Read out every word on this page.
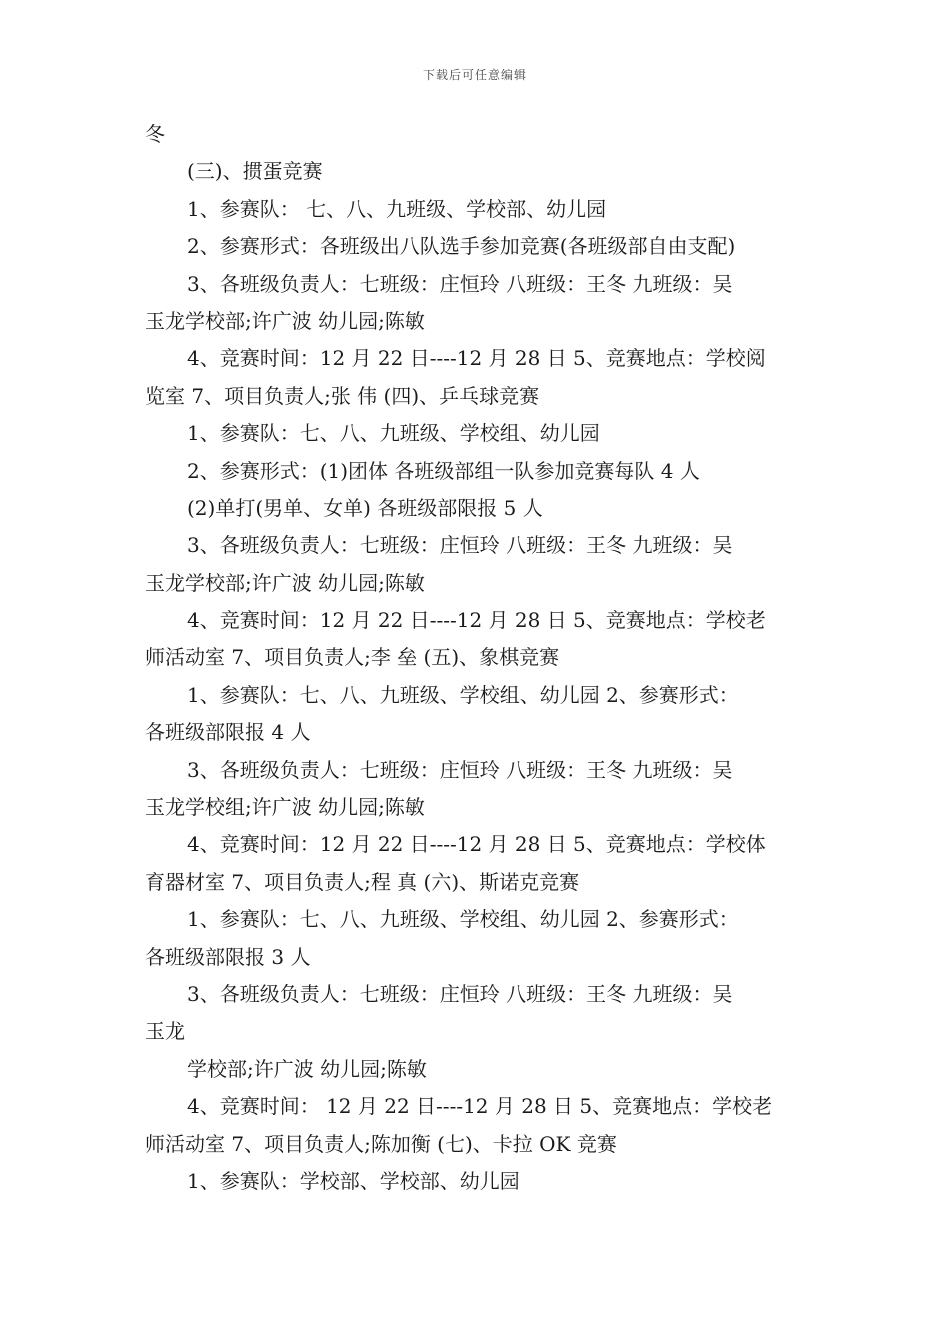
下载后可任意编辑
冬
(三)、掼蛋竞赛
1、参赛队： 七、八、九班级、学校部、幼儿园
2、参赛形式：各班级出八队选手参加竞赛(各班级部自由支配)
3、各班级负责人：七班级：庄恒玲 八班级：王冬 九班级：吴
玉龙学校部;许广波 幼儿园;陈敏
4、竞赛时间：12 月 22 日----12 月 28 日 5、竞赛地点：学校阅
览室 7、项目负责人;张 伟 (四)、乒乓球竞赛
1、参赛队：七、八、九班级、学校组、幼儿园
2、参赛形式：(1)团体 各班级部组一队参加竞赛每队 4 人
(2)单打(男单、女单) 各班级部限报 5 人
3、各班级负责人：七班级：庄恒玲 八班级：王冬 九班级：吴
玉龙学校部;许广波 幼儿园;陈敏
4、竞赛时间：12 月 22 日----12 月 28 日 5、竞赛地点：学校老
师活动室 7、项目负责人;李 垒 (五)、象棋竞赛
1、参赛队：七、八、九班级、学校组、幼儿园 2、参赛形式：
各班级部限报 4 人
3、各班级负责人：七班级：庄恒玲 八班级：王冬 九班级：吴
玉龙学校组;许广波 幼儿园;陈敏
4、竞赛时间：12 月 22 日----12 月 28 日 5、竞赛地点：学校体
育器材室 7、项目负责人;程 真 (六)、斯诺克竞赛
1、参赛队：七、八、九班级、学校组、幼儿园 2、参赛形式：
各班级部限报 3 人
3、各班级负责人：七班级：庄恒玲 八班级：王冬 九班级：吴
玉龙
学校部;许广波 幼儿园;陈敏
4、竞赛时间： 12 月 22 日----12 月 28 日 5、竞赛地点：学校老
师活动室 7、项目负责人;陈加衡 (七)、卡拉 OK 竞赛
1、参赛队：学校部、学校部、幼儿园
